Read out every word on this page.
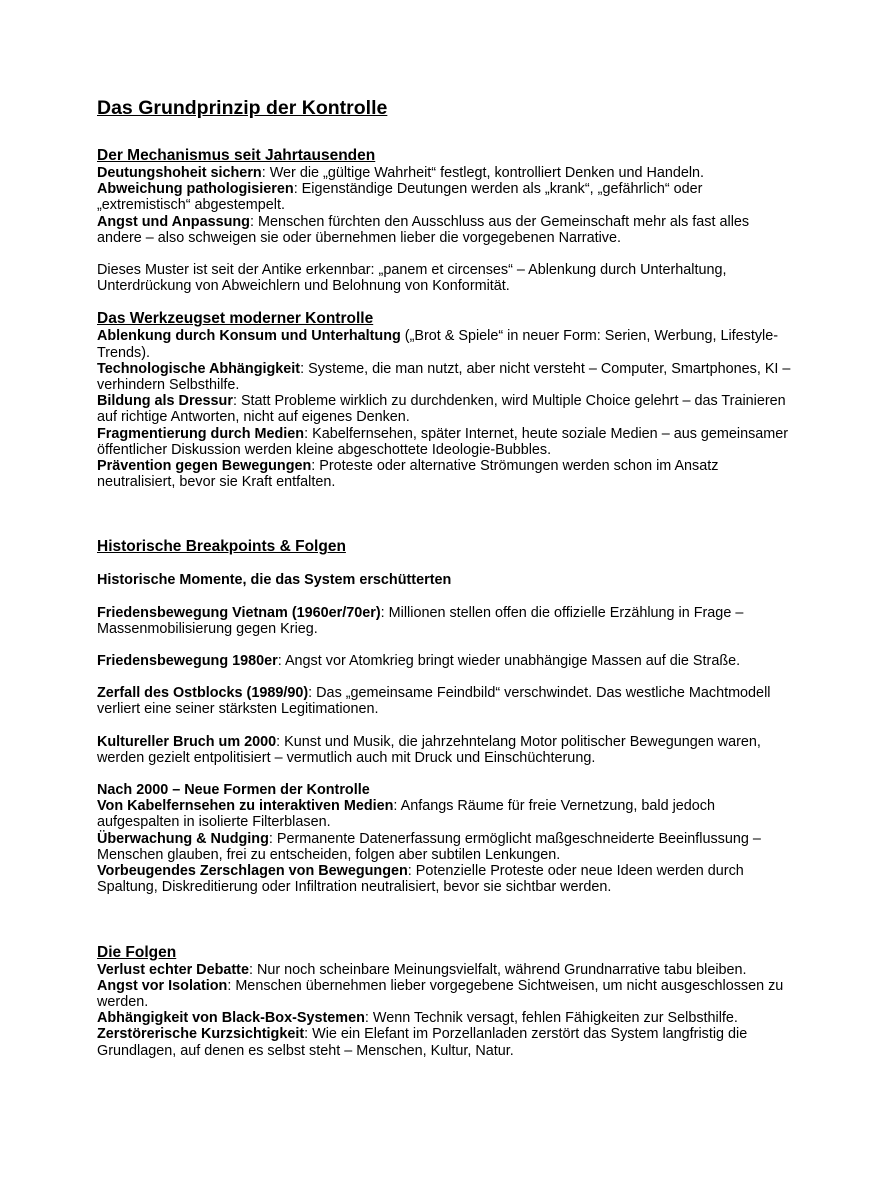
Das Grundprinzip der Kontrolle
Der Mechanismus seit Jahrtausenden

Deutungshoheit sichern: Wer die „gültige Wahrheit“ festlegt, kontrolliert Denken und Handeln.

Abweichung pathologisieren: Eigenständige Deutungen werden als „krank“, „gefährlich“ oder „extremistisch“ abgestempelt.

Angst und Anpassung: Menschen fürchten den Ausschluss aus der Gemeinschaft mehr als fast alles andere – also schweigen sie oder übernehmen lieber die vorgegebenen Narrative.

Dieses Muster ist seit der Antike erkennbar: „panem et circenses“ – Ablenkung durch Unterhaltung, Unterdrückung von Abweichlern und Belohnung von Konformität.

Das Werkzeugset moderner Kontrolle

Ablenkung durch Konsum und Unterhaltung („Brot & Spiele“ in neuer Form: Serien, Werbung, Lifestyle-Trends).

Technologische Abhängigkeit: Systeme, die man nutzt, aber nicht versteht – Computer, Smartphones, KI – verhindern Selbsthilfe.

Bildung als Dressur: Statt Probleme wirklich zu durchdenken, wird Multiple Choice gelehrt – das Trainieren auf richtige Antworten, nicht auf eigenes Denken.

Fragmentierung durch Medien: Kabelfernsehen, später Internet, heute soziale Medien – aus gemeinsamer öffentlicher Diskussion werden kleine abgeschottete Ideologie-Bubbles.

Prävention gegen Bewegungen: Proteste oder alternative Strömungen werden schon im Ansatz neutralisiert, bevor sie Kraft entfalten.

Historische Breakpoints & Folgen

Historische Momente, die das System erschütterten

Friedensbewegung Vietnam (1960er/70er): Millionen stellen offen die offizielle Erzählung in Frage – Massenmobilisierung gegen Krieg.

Friedensbewegung 1980er: Angst vor Atomkrieg bringt wieder unabhängige Massen auf die Straße.

Zerfall des Ostblocks (1989/90): Das „gemeinsame Feindbild“ verschwindet. Das westliche Machtmodell verliert eine seiner stärksten Legitimationen.

Kultureller Bruch um 2000: Kunst und Musik, die jahrzehntelang Motor politischer Bewegungen waren, werden gezielt entpolitisiert – vermutlich auch mit Druck und Einschüchterung.

Nach 2000 – Neue Formen der Kontrolle

Von Kabelfernsehen zu interaktiven Medien: Anfangs Räume für freie Vernetzung, bald jedoch aufgespalten in isolierte Filterblasen.

Überwachung & Nudging: Permanente Datenerfassung ermöglicht maßgeschneiderte Beeinflussung – Menschen glauben, frei zu entscheiden, folgen aber subtilen Lenkungen.

Vorbeugendes Zerschlagen von Bewegungen: Potenzielle Proteste oder neue Ideen werden durch Spaltung, Diskreditierung oder Infiltration neutralisiert, bevor sie sichtbar werden.

Die Folgen

Verlust echter Debatte: Nur noch scheinbare Meinungsvielfalt, während Grundnarrative tabu bleiben.

Angst vor Isolation: Menschen übernehmen lieber vorgegebene Sichtweisen, um nicht ausgeschlossen zu werden.

Abhängigkeit von Black-Box-Systemen: Wenn Technik versagt, fehlen Fähigkeiten zur Selbsthilfe.

Zerstörerische Kurzsichtigkeit: Wie ein Elefant im Porzellanladen zerstört das System langfristig die Grundlagen, auf denen es selbst steht – Menschen, Kultur, Natur.
